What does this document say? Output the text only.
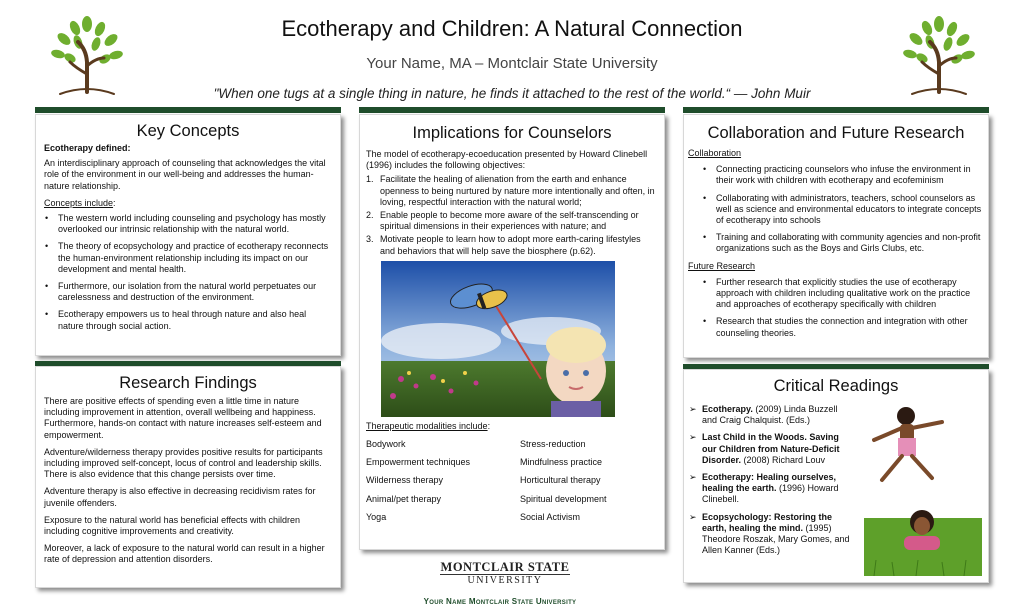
Ecotherapy and Children: A Natural Connection
Your Name, MA – Montclair State University
"When one tugs at a single thing in nature, he finds it attached to the rest of the world.“ — John Muir
Key Concepts

Ecotherapy defined:

An interdisciplinary approach of counseling that acknowledges the vital role of the environment in our well-being and addresses the human-nature relationship.

Concepts include:

• The western world including counseling and psychology has mostly overlooked our intrinsic relationship with the natural world.
• The theory of ecopsychology and practice of ecotherapy reconnects the human-environment relationship including its impact on our development and mental health.
• Furthermore, our isolation from the natural world perpetuates our carelessness and destruction of the environment.
• Ecotherapy empowers us to heal through nature and also heal nature through social action.
Research Findings

There are positive effects of spending even a little time in nature including improvement in attention, overall wellbeing and happiness. Furthermore, hands-on contact with nature increases self-esteem and empowerment.

Adventure/wilderness therapy provides positive results for participants including improved self-concept, locus of control and leadership skills. There is also evidence that this change persists over time.

Adventure therapy is also effective in decreasing recidivism rates for juvenile offenders.

Exposure to the natural world has beneficial effects with children including cognitive improvements and creativity.

Moreover, a lack of exposure to the natural world can result in a higher rate of depression and attention disorders.

Implications for Counselors

The model of ecotherapy-ecoeducation presented by Howard Clinebell (1996) includes the following objectives:

1. Facilitate the healing of alienation from the earth and enhance openness to being nurtured by nature more intentionally and often, in loving, respectful interaction with the natural world;
2. Enable people to become more aware of the self-transcending or spiritual dimensions in their experiences with nature; and
3. Motivate people to learn how to adopt more earth-caring lifestyles and behaviors that will help save the biosphere (p.62).

Therapeutic modalities include:

Bodywork	Stress-reduction
Empowerment techniques	Mindfulness practice
Wilderness therapy	Horticultural therapy
Animal/pet therapy	Spiritual development
Yoga	Social Activism
Collaboration and Future Research

Collaboration

• Connecting practicing counselors who infuse the environment in their work with children with ecotherapy and ecofeminism
• Collaborating with administrators, teachers, school counselors as well as science and environmental educators to integrate concepts of ecotherapy into schools
• Training and collaborating with community agencies and non-profit organizations such as the Boys and Girls Clubs, etc.

Future Research

• Further research that explicitly studies the use of ecotherapy approach with children including qualitative work on the practice and approaches of ecotherapy specifically with children
• Research that studies the connection and integration with other counseling theories.
Critical Readings
➢ Ecotherapy. (2009) Linda Buzzell and Craig Chalquist. (Eds.)
➢ Last Child in the Woods. Saving our Children from Nature-Deficit Disorder. (2008) Richard Louv
➢ Ecotherapy: Healing ourselves, healing the earth. (1996) Howard Clinebell.
➢ Ecopsychology: Restoring the earth, healing the mind. (1995) Theodore Roszak, Mary Gomes, and Allen Kanner (Eds.)
MONTCLAIR STATE
UNIVERSITY
Your Name Montclair State University
